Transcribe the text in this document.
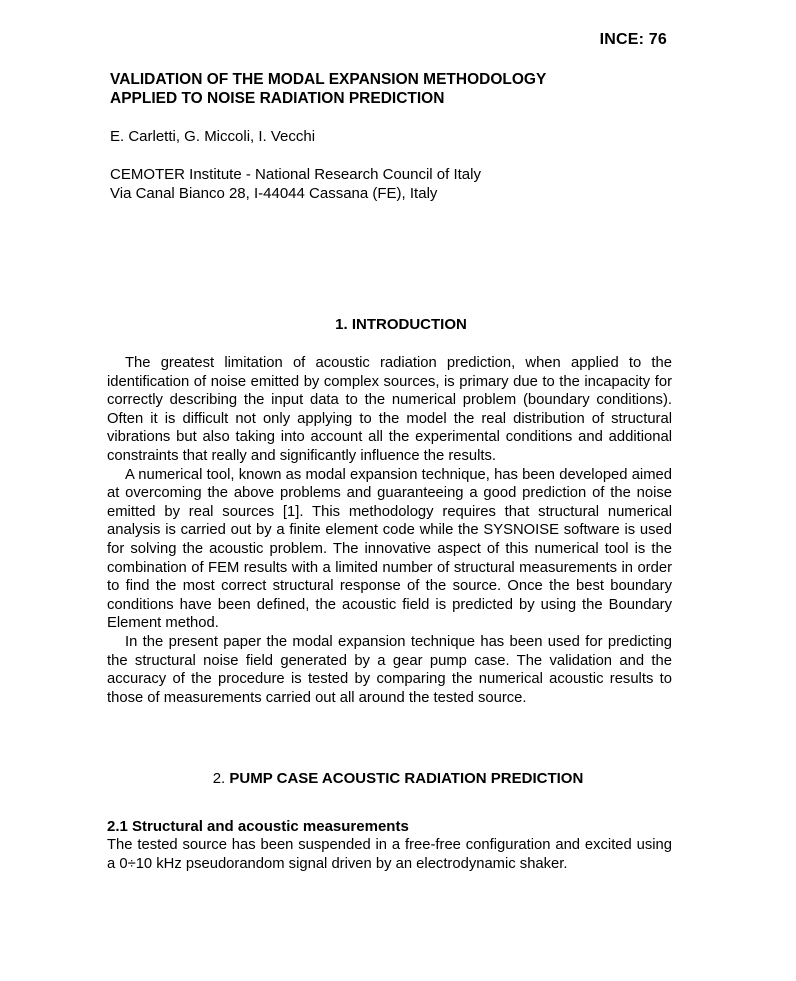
INCE: 76
VALIDATION OF THE MODAL EXPANSION METHODOLOGY
APPLIED TO NOISE RADIATION PREDICTION
E. Carletti, G. Miccoli, I. Vecchi
CEMOTER Institute - National Research Council of Italy
Via Canal Bianco 28, I-44044 Cassana (FE), Italy
1. INTRODUCTION

The greatest limitation of acoustic radiation prediction, when applied to the identification of noise emitted by complex sources, is primary due to the incapacity for correctly describing the input data to the numerical problem (boundary conditions). Often it is difficult not only applying to the model the real distribution of structural vibrations but also taking into account all the experimental conditions and additional constraints that really and significantly influence the results.

A numerical tool, known as modal expansion technique, has been developed aimed at overcoming the above problems and guaranteeing a good prediction of the noise emitted by real sources [1]. This methodology requires that structural numerical analysis is carried out by a finite element code while the SYSNOISE software is used for solving the acoustic problem. The innovative aspect of this numerical tool is the combination of FEM results with a limited number of structural measurements in order to find the most correct structural response of the source. Once the best boundary conditions have been defined, the acoustic field is predicted by using the Boundary Element method.

In the present paper the modal expansion technique has been used for predicting the structural noise field generated by a gear pump case. The validation and the accuracy of the procedure is tested by comparing the numerical acoustic results to those of measurements carried out all around the tested source.

2. PUMP CASE ACOUSTIC RADIATION PREDICTION
2.1 Structural and acoustic measurements

The tested source has been suspended in a free-free configuration and excited using a 0÷10 kHz pseudorandom signal driven by an electrodynamic shaker.
